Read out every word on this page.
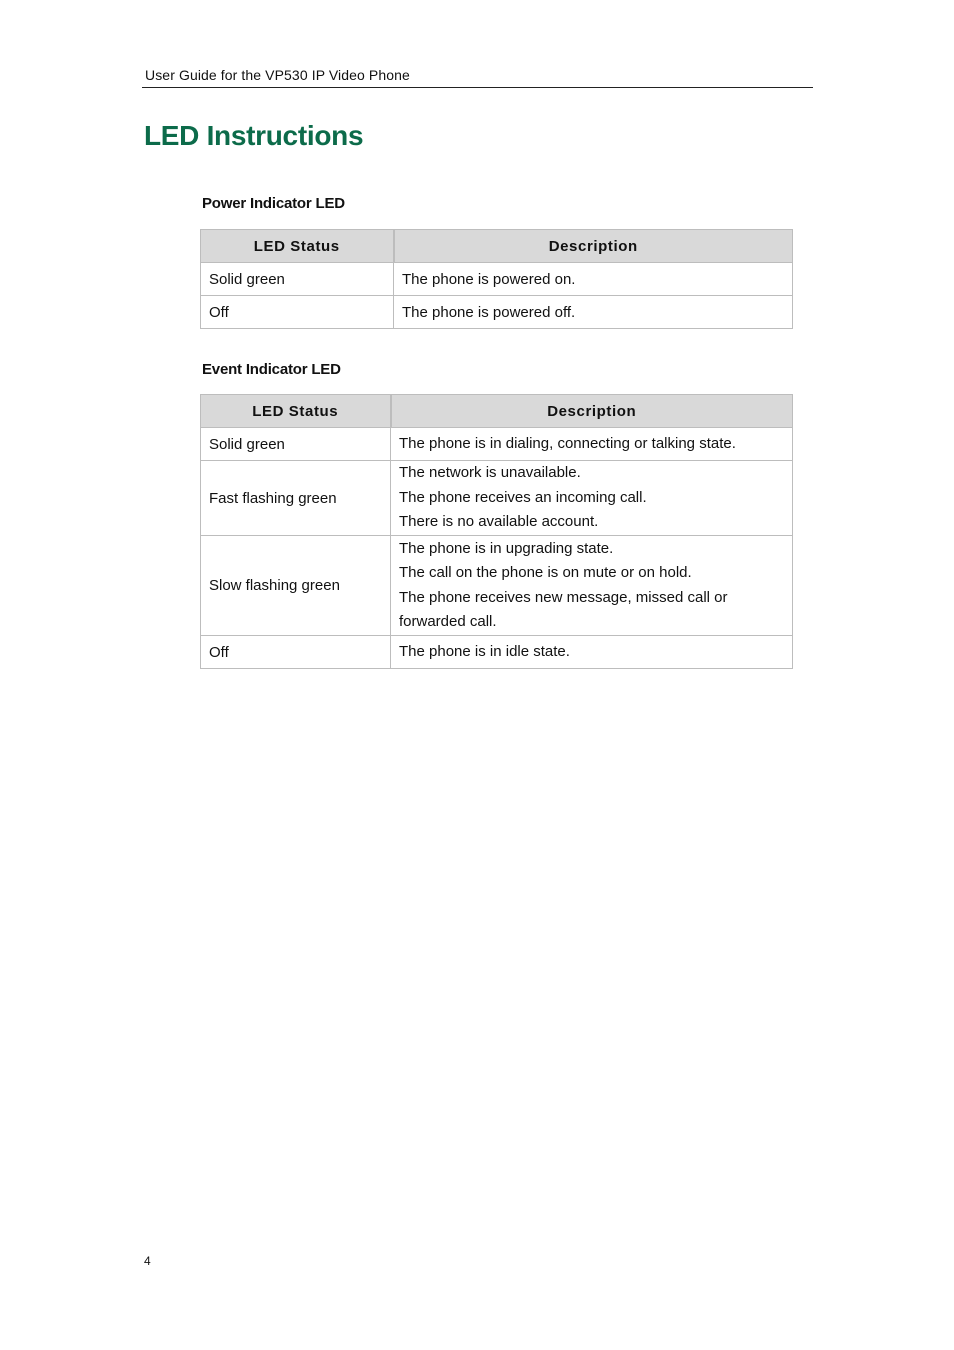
User Guide for the VP530 IP Video Phone
LED Instructions
Power Indicator LED
LED Status	Description
Solid green	The phone is powered on.
Off	The phone is powered off.
Event Indicator LED
LED Status	Description
Solid green	The phone is in dialing, connecting or talking state.

Fast flashing green	The network is unavailable.
The phone receives an incoming call.
There is no available account.

Slow flashing green	The phone is in upgrading state.
The call on the phone is on mute or on hold.
The phone receives new message, missed call or
forwarded call.

Off	The phone is in idle state.
4
